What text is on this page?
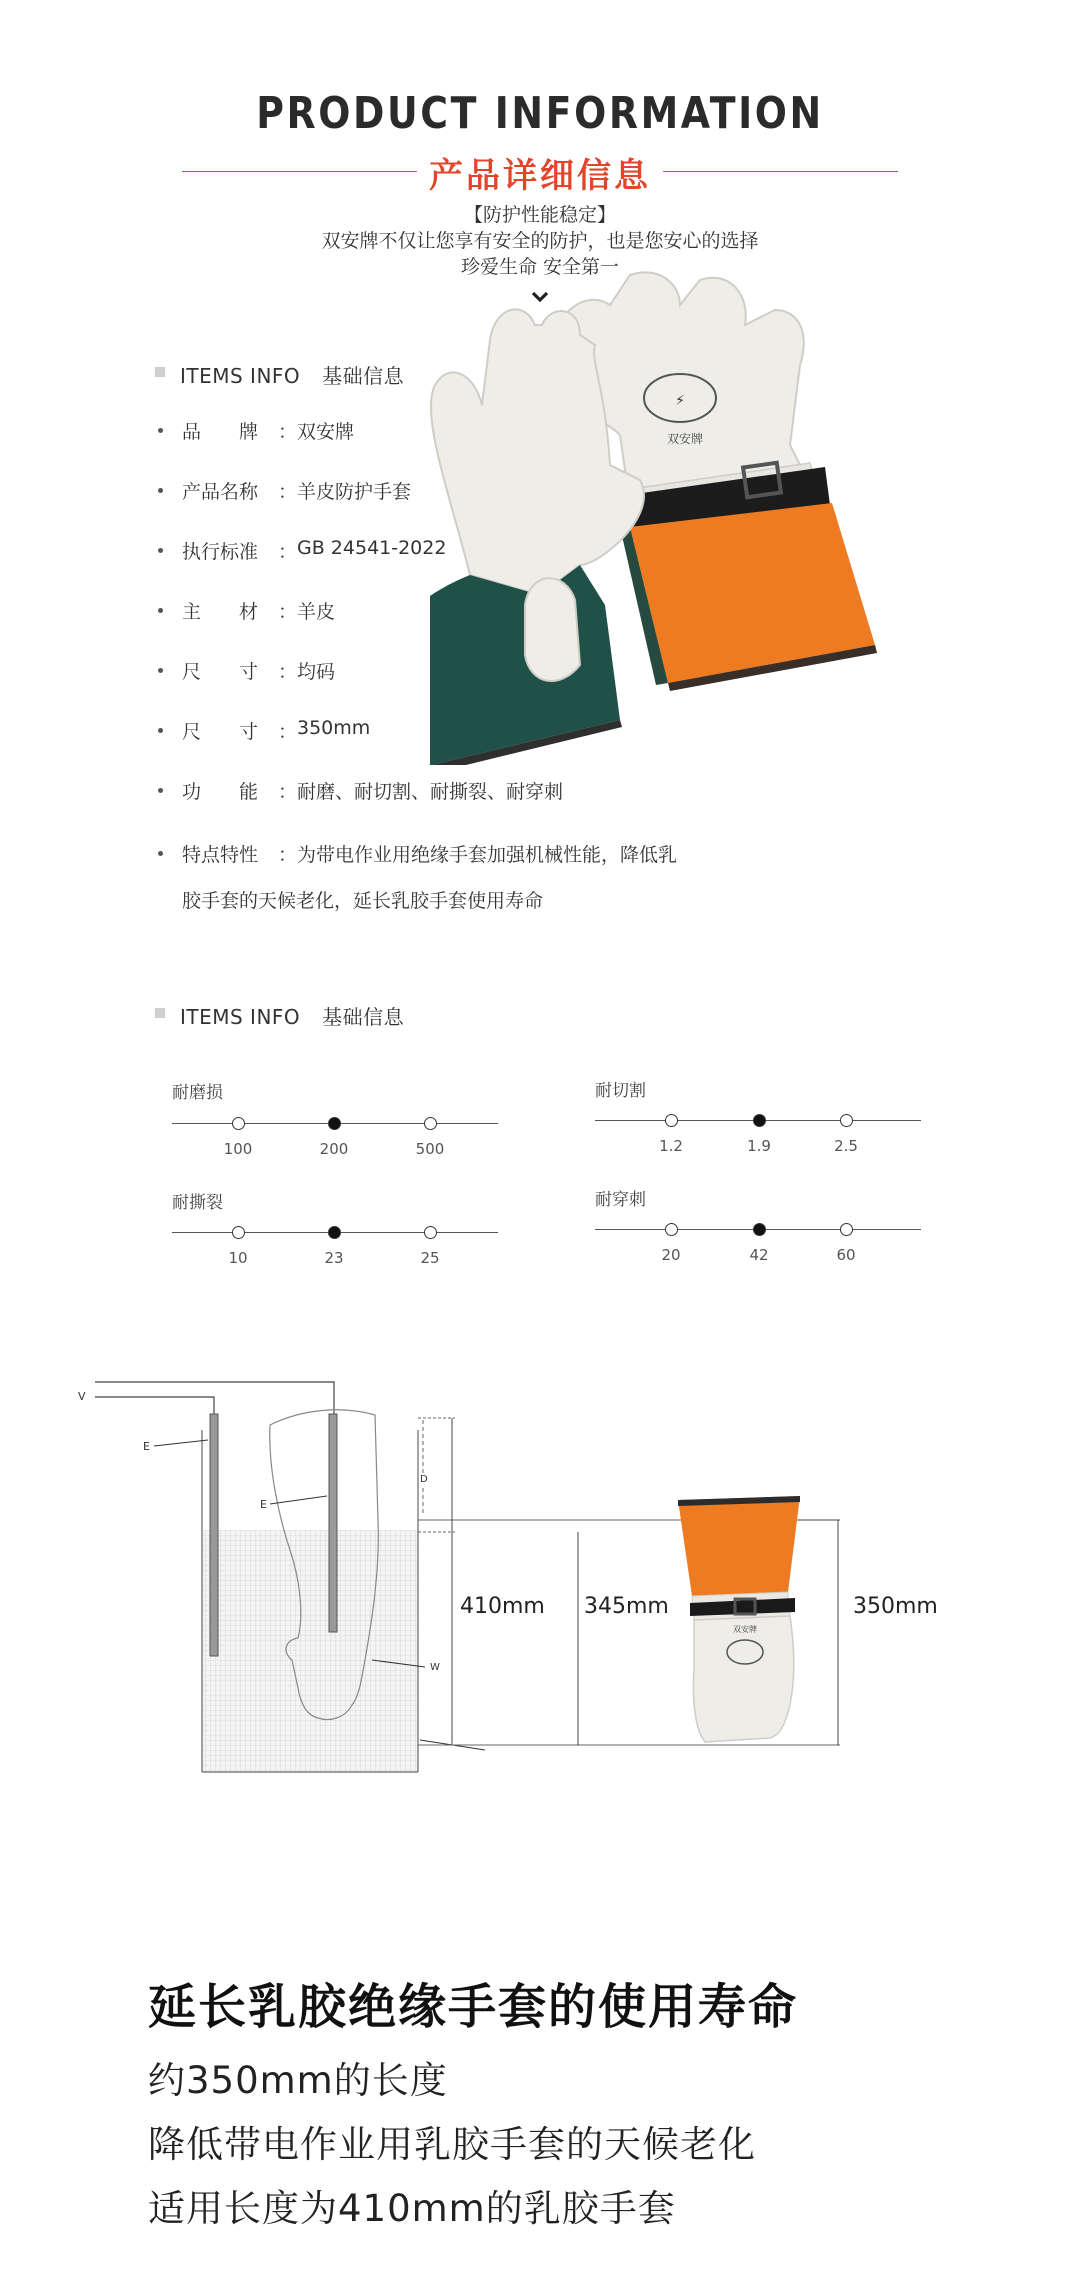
PRODUCT INFORMATION
产品详细信息
【防护性能稳定】
双安牌不仅让您享有安全的防护，也是您安心的选择
珍爱生命 安全第一
⚡
双安牌
ITEMS INFO 基础信息
品　　牌 ： 双安牌
产品名称 ： 羊皮防护手套
执行标准 ： GB 24541-2022
主　　材 ： 羊皮
尺　　寸 ： 均码
尺　　寸 ： 350mm
功　　能 ： 耐磨、耐切割、耐撕裂、耐穿刺
特点特性 ： 为带电作业用绝缘手套加强机械性能，降低乳
胶手套的天候老化，延长乳胶手套使用寿命
ITEMS INFO 基础信息
耐磨损
100	200	500
耐切割
1.2	1.9	2.5
耐撕裂
10	23	25
耐穿刺
20	42	60
V
E
E
D
W
双安牌
410mm 345mm	350mm
延长乳胶绝缘手套的使用寿命
约350mm的长度
降低带电作业用乳胶手套的天候老化
适用长度为410mm的乳胶手套
